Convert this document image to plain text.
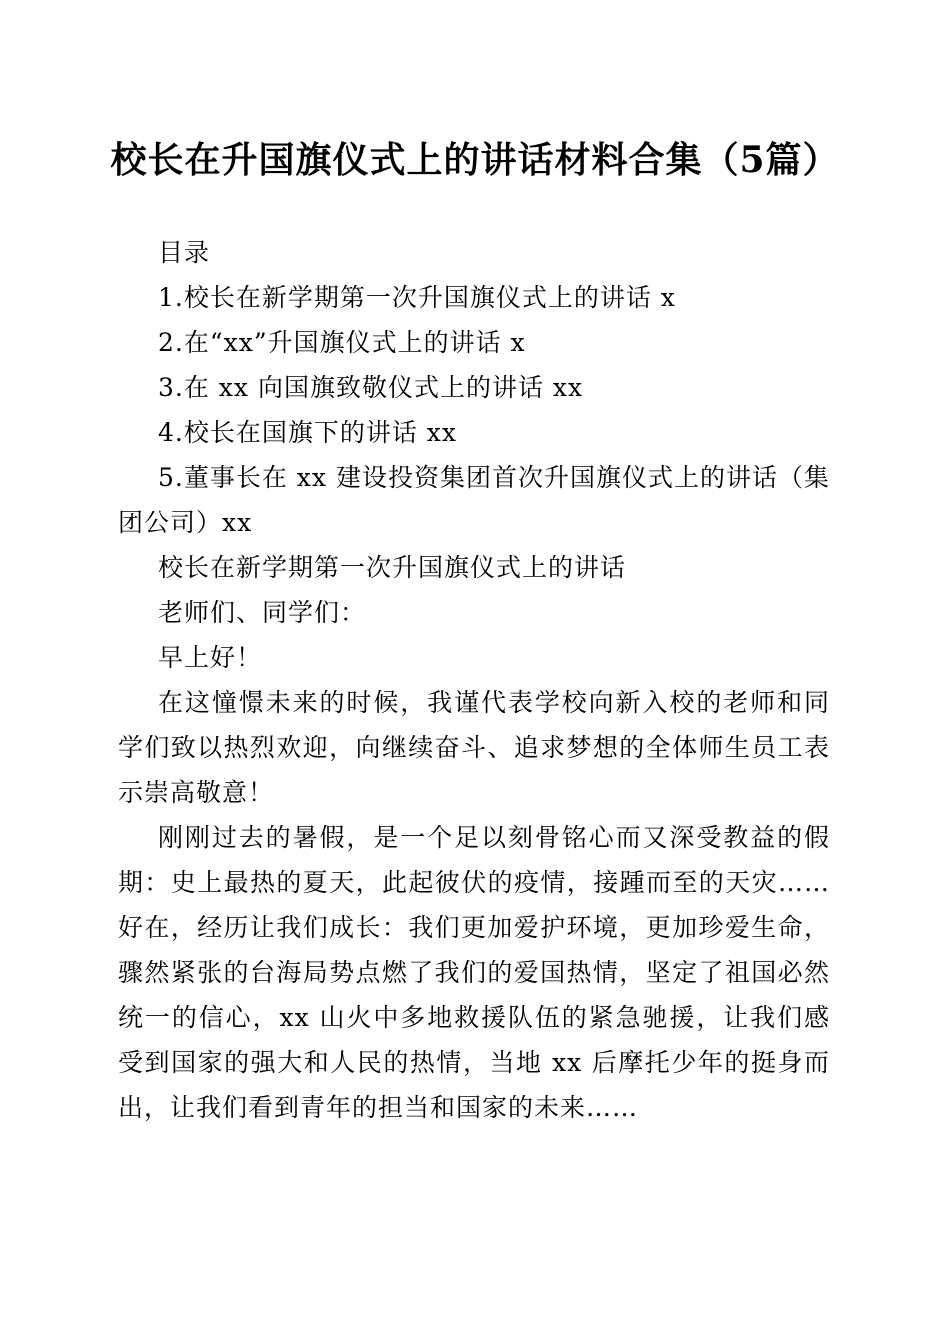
校长在升国旗仪式上的讲话材料合集（5篇）

目录

1.校长在新学期第一次升国旗仪式上的讲话 x

2.在“xx”升国旗仪式上的讲话 x

3.在 xx 向国旗致敬仪式上的讲话 xx

4.校长在国旗下的讲话 xx

5.董事长在 xx 建设投资集团首次升国旗仪式上的讲话（集团公司）xx

校长在新学期第一次升国旗仪式上的讲话

老师们、同学们：

早上好！

在这憧憬未来的时候，我谨代表学校向新入校的老师和同学们致以热烈欢迎，向继续奋斗、追求梦想的全体师生员工表示崇高敬意！

刚刚过去的暑假，是一个足以刻骨铭心而又深受教益的假期：史上最热的夏天，此起彼伏的疫情，接踵而至的天灾……好在，经历让我们成长：我们更加爱护环境，更加珍爱生命，骤然紧张的台海局势点燃了我们的爱国热情，坚定了祖国必然统一的信心，xx 山火中多地救援队伍的紧急驰援，让我们感受到国家的强大和人民的热情，当地 xx 后摩托少年的挺身而出，让我们看到青年的担当和国家的未来……
